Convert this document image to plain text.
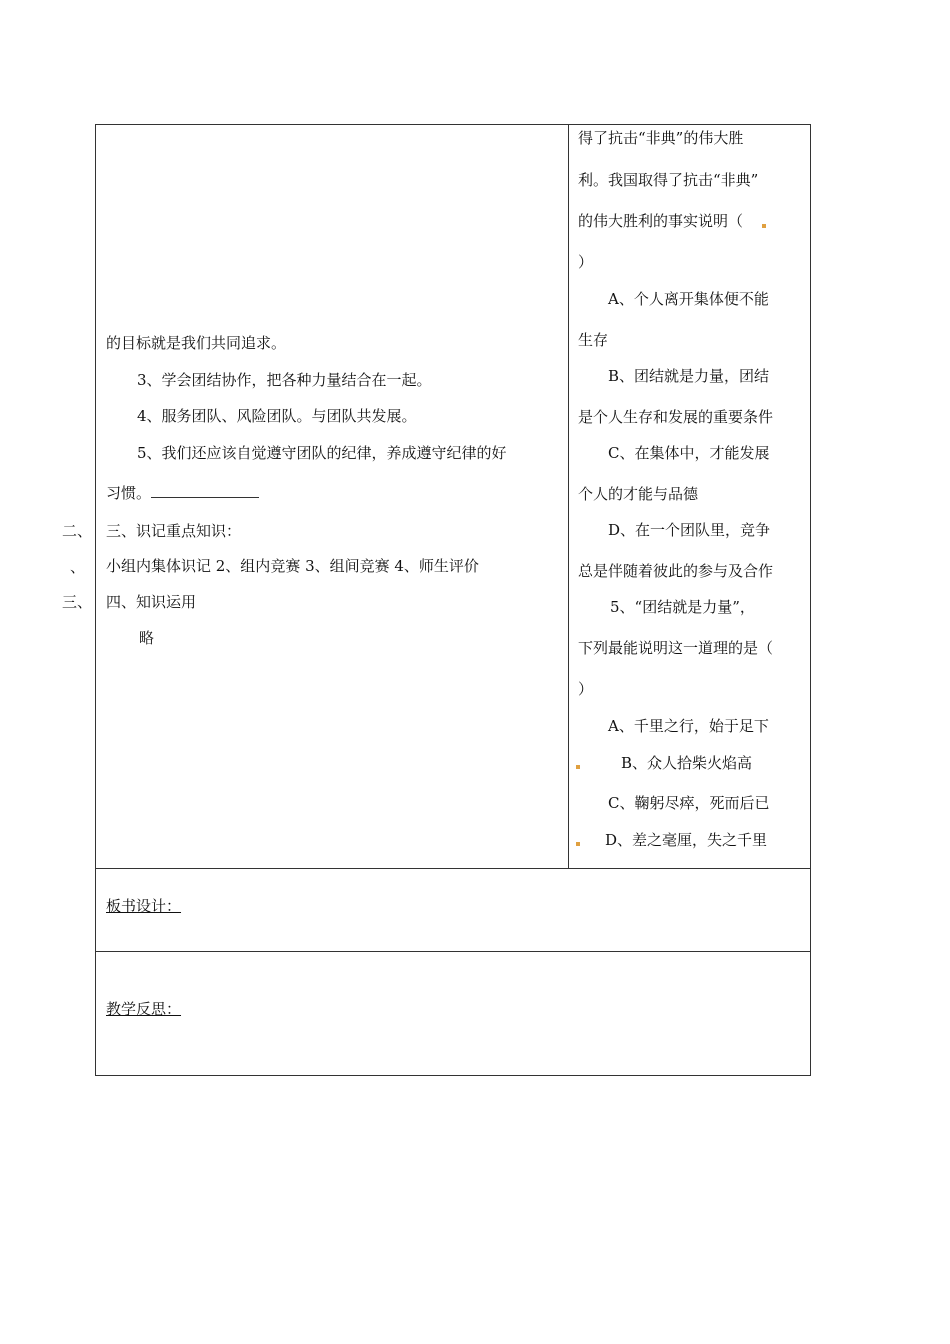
二、
、
三、
的目标就是我们共同追求。
3、学会团结协作，把各种力量结合在一起。
4、服务团队、风险团队。与团队共发展。
5、我们还应该自觉遵守团队的纪律，养成遵守纪律的好
习惯。
三、识记重点知识：
小组内集体识记 2、组内竞赛 3、组间竞赛 4、师生评价
四、知识运用
略
得了抗击“非典”的伟大胜
利。我国取得了抗击“非典”
的伟大胜利的事实说明（
）
A、个人离开集体便不能
生存
B、团结就是力量，团结
是个人生存和发展的重要条件
C、在集体中，才能发展
个人的才能与品德
D、在一个团队里，竞争
总是伴随着彼此的参与及合作
5、“团结就是力量”，
下列最能说明这一道理的是（
）
A、千里之行，始于足下
B、众人拾柴火焰高
C、鞠躬尽瘁，死而后已
D、差之毫厘，失之千里
板书设计：
教学反思：
